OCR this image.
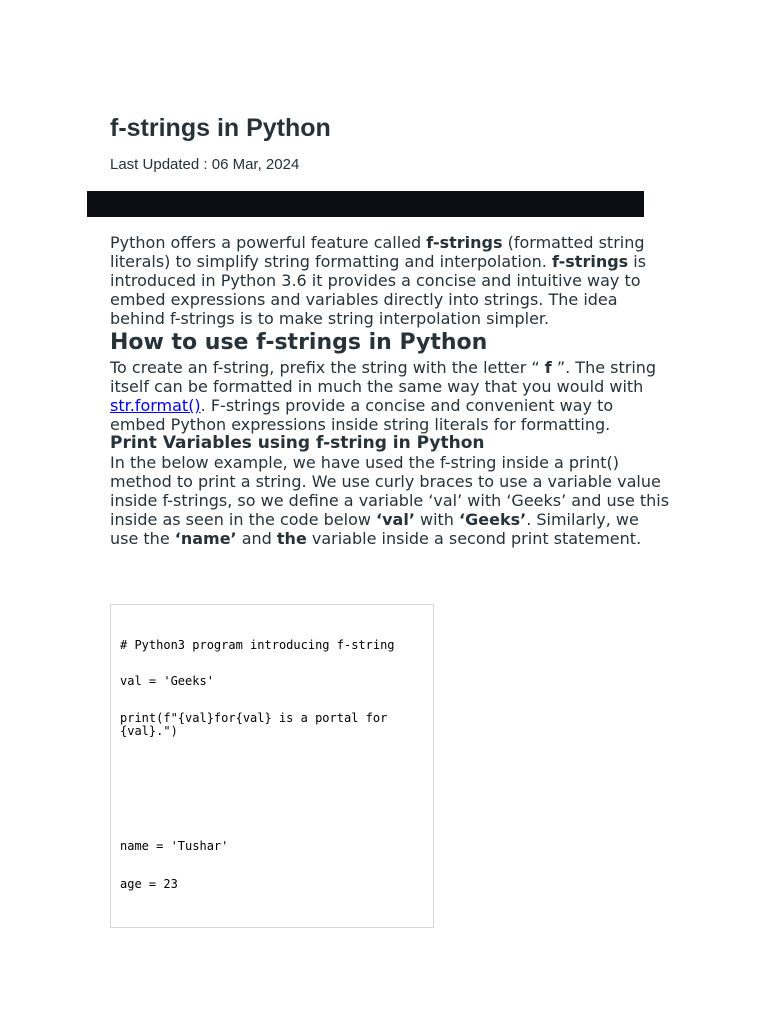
f-strings in Python
Last Updated : 06 Mar, 2024

Python offers a powerful feature called f-strings (formatted string literals) to simplify string formatting and interpolation. f-strings is introduced in Python 3.6 it provides a concise and intuitive way to embed expressions and variables directly into strings. The idea behind f-strings is to make string interpolation simpler.

How to use f-strings in Python

To create an f-string, prefix the string with the letter “ f ”. The string itself can be formatted in much the same way that you would with str.format(). F-strings provide a concise and convenient way to embed Python expressions inside string literals for formatting.

Print Variables using f-string in Python

In the below example, we have used the f-string inside a print() method to print a string. We use curly braces to use a variable value inside f-strings, so we define a variable ‘val’ with ‘Geeks’ and use this inside as seen in the code below ‘val’ with ‘Geeks’. Similarly, we use the ‘name’ and the variable inside a second print statement.

# Python3 program introducing f-string
val = 'Geeks'
print(f"{val}for{val} is a portal for {val}.")
name = 'Tushar'
age = 23
